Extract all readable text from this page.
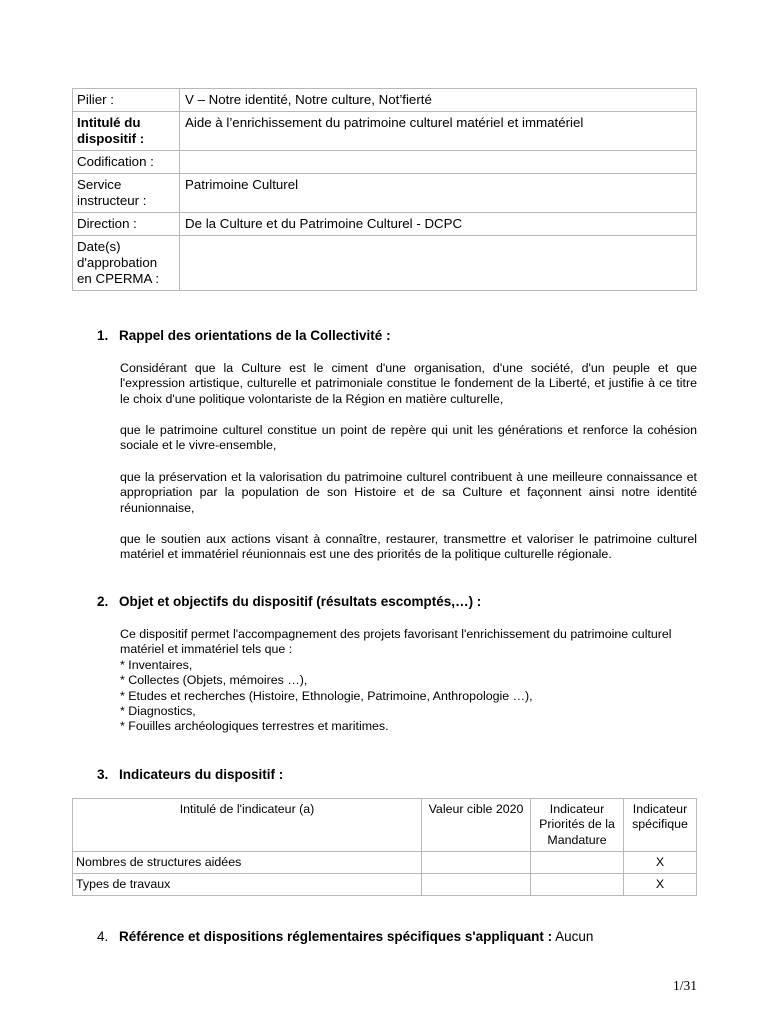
Pilier :	V – Notre identité, Notre culture, Not’fierté
Intitulé du dispositif :	Aide à l’enrichissement du patrimoine culturel matériel et immatériel
Codification :	
Service instructeur :	Patrimoine Culturel
Direction :	De la Culture et du Patrimoine Culturel - DCPC
Date(s) d'approbation en CPERMA :	
1. Rappel des orientations de la Collectivité :

Considérant que la Culture est le ciment d'une organisation, d'une société, d'un peuple et que l'expression artistique, culturelle et patrimoniale constitue le fondement de la Liberté, et justifie à ce titre le choix d'une politique volontariste de la Région en matière culturelle,

que le patrimoine culturel constitue un point de repère qui unit les générations et renforce la cohésion sociale et le vivre-ensemble,

que la préservation et la valorisation du patrimoine culturel contribuent à une meilleure connaissance et appropriation par la population de son Histoire et de sa Culture et façonnent ainsi notre identité réunionnaise,

que le soutien aux actions visant à connaître, restaurer, transmettre et valoriser le patrimoine culturel matériel et immatériel réunionnais est une des priorités de la politique culturelle régionale.

2. Objet et objectifs du dispositif (résultats escomptés,…) :

Ce dispositif permet l'accompagnement des projets favorisant l'enrichissement du patrimoine culturel matériel et immatériel tels que :

* Inventaires,
* Collectes (Objets, mémoires …),
* Etudes et recherches (Histoire, Ethnologie, Patrimoine, Anthropologie …),
* Diagnostics,
* Fouilles archéologiques terrestres et maritimes.
3. Indicateurs du dispositif :
Intitulé de l'indicateur (a)	Valeur cible 2020	Indicateur Priorités de la Mandature	Indicateur spécifique
Nombres de structures aidées			X
Types de travaux			X
4. Référence et dispositions réglementaires spécifiques s'appliquant : Aucun
1/31
